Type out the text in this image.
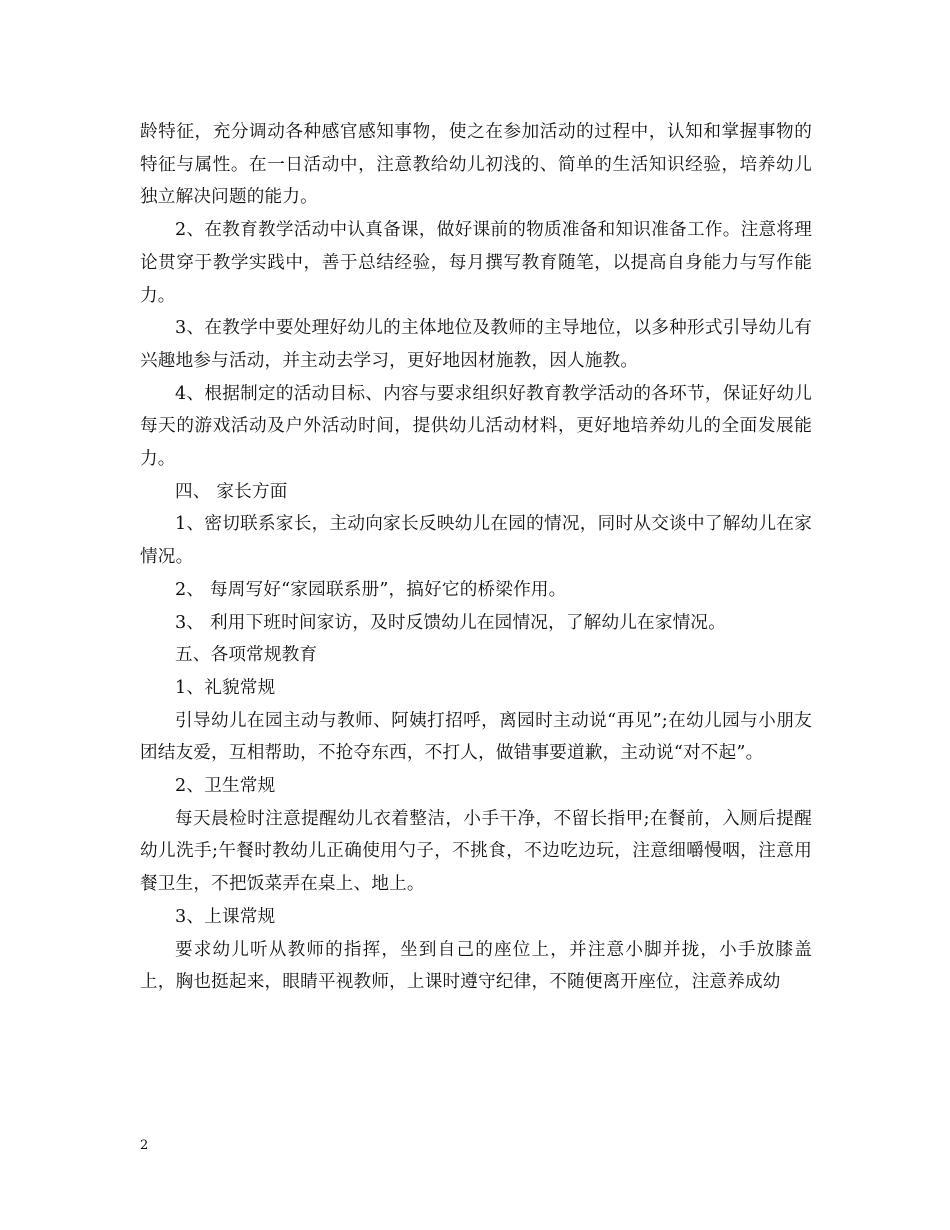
龄特征，充分调动各种感官感知事物，使之在参加活动的过程中，认知和掌握事物的特征与属性。在一日活动中，注意教给幼儿初浅的、简单的生活知识经验，培养幼儿独立解决问题的能力。

2、在教育教学活动中认真备课，做好课前的物质准备和知识准备工作。注意将理论贯穿于教学实践中，善于总结经验，每月撰写教育随笔，以提高自身能力与写作能力。

3、在教学中要处理好幼儿的主体地位及教师的主导地位，以多种形式引导幼儿有兴趣地参与活动，并主动去学习，更好地因材施教，因人施教。

4、根据制定的活动目标、内容与要求组织好教育教学活动的各环节，保证好幼儿每天的游戏活动及户外活动时间，提供幼儿活动材料，更好地培养幼儿的全面发展能力。

四、 家长方面

1、密切联系家长，主动向家长反映幼儿在园的情况，同时从交谈中了解幼儿在家情况。

2、 每周写好“家园联系册”，搞好它的桥梁作用。

3、 利用下班时间家访，及时反馈幼儿在园情况，了解幼儿在家情况。

五、各项常规教育

1、礼貌常规

引导幼儿在园主动与教师、阿姨打招呼，离园时主动说“再见”;在幼儿园与小朋友团结友爱，互相帮助，不抢夺东西，不打人，做错事要道歉，主动说“对不起”。

2、卫生常规

每天晨检时注意提醒幼儿衣着整洁，小手干净，不留长指甲;在餐前，入厕后提醒幼儿洗手;午餐时教幼儿正确使用勺子，不挑食，不边吃边玩，注意细嚼慢咽，注意用餐卫生，不把饭菜弄在桌上、地上。

3、上课常规

要求幼儿听从教师的指挥，坐到自己的座位上，并注意小脚并拢，小手放膝盖上，胸也挺起来，眼睛平视教师，上课时遵守纪律，不随便离开座位，注意养成幼

2
